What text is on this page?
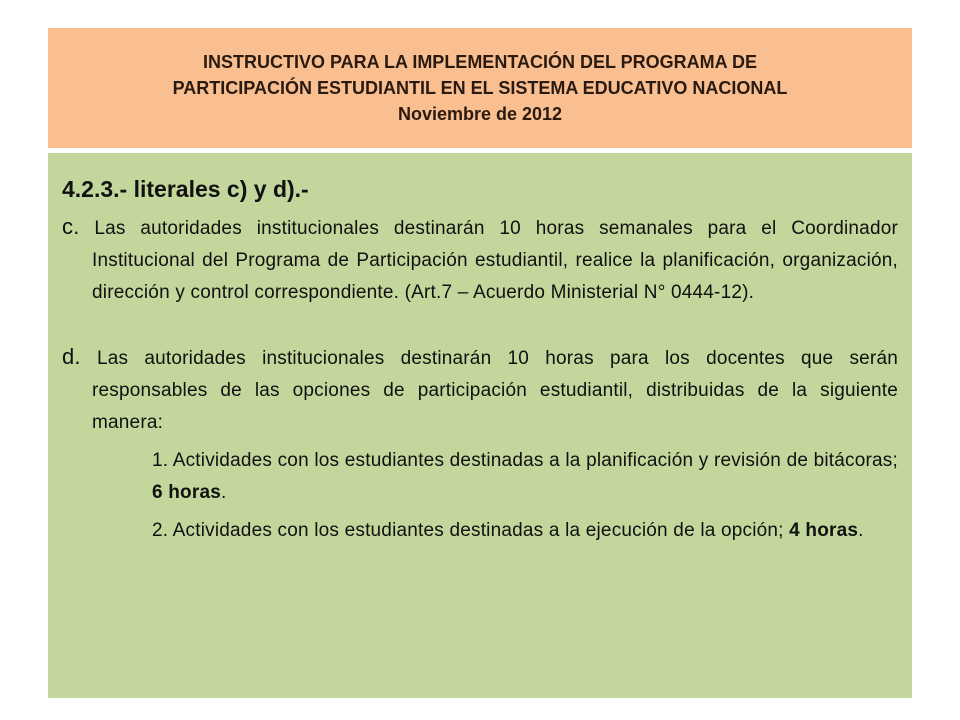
INSTRUCTIVO PARA LA IMPLEMENTACIÓN DEL PROGRAMA DE
PARTICIPACIÓN ESTUDIANTIL EN EL SISTEMA EDUCATIVO NACIONAL
Noviembre de 2012
4.2.3.- literales c) y d).-

c. Las autoridades institucionales destinarán 10 horas semanales para el Coordinador Institucional del Programa de Participación estudiantil, realice la planificación, organización, dirección y control correspondiente. (Art.7 – Acuerdo Ministerial N° 0444-12).

d. Las autoridades institucionales destinarán 10 horas para los docentes que serán responsables de las opciones de participación estudiantil, distribuidas de la siguiente manera:

1. Actividades con los estudiantes destinadas a la planificación y revisión de bitácoras; 6 horas.

2. Actividades con los estudiantes destinadas a la ejecución de la opción; 4 horas.
